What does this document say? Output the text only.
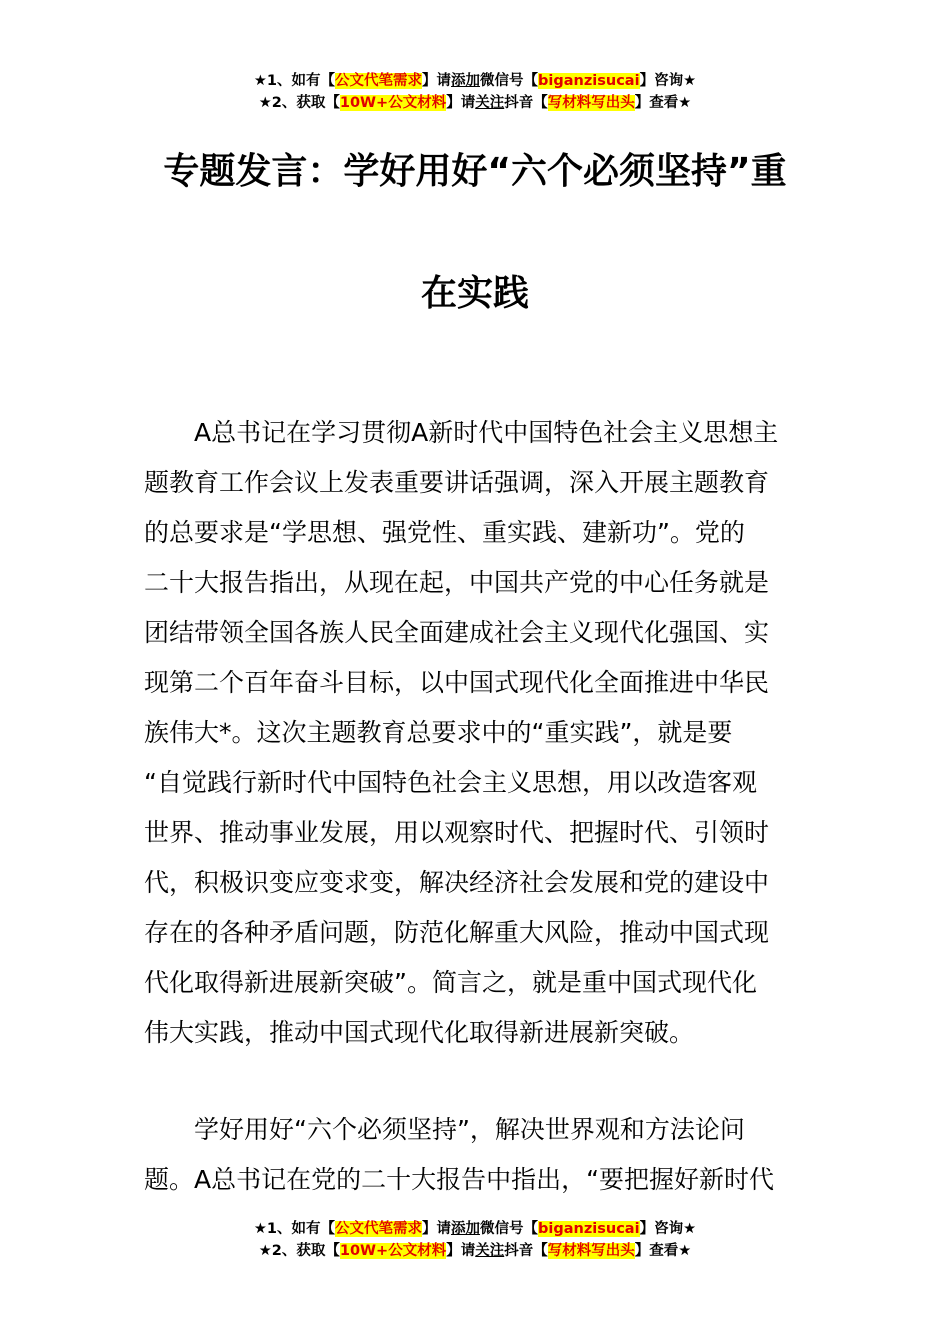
★1、如有【公文代笔需求】请添加微信号【biganzisucai】咨询★
★2、获取【10W+公文材料】请关注抖音【写材料写出头】查看★
专题发言：学好用好“六个必须坚持”重
在实践
A总书记在学习贯彻A新时代中国特色社会主义思想主
题教育工作会议上发表重要讲话强调，深入开展主题教育
的总要求是“学思想、强党性、重实践、建新功”。党的
二十大报告指出，从现在起，中国共产党的中心任务就是
团结带领全国各族人民全面建成社会主义现代化强国、实
现第二个百年奋斗目标，以中国式现代化全面推进中华民
族伟大*。这次主题教育总要求中的“重实践”，就是要
“自觉践行新时代中国特色社会主义思想，用以改造客观
世界、推动事业发展，用以观察时代、把握时代、引领时
代，积极识变应变求变，解决经济社会发展和党的建设中
存在的各种矛盾问题，防范化解重大风险，推动中国式现
代化取得新进展新突破”。简言之，就是重中国式现代化
伟大实践，推动中国式现代化取得新进展新突破。
学好用好“六个必须坚持”，解决世界观和方法论问
题。A总书记在党的二十大报告中指出，“要把握好新时代
★1、如有【公文代笔需求】请添加微信号【biganzisucai】咨询★
★2、获取【10W+公文材料】请关注抖音【写材料写出头】查看★
